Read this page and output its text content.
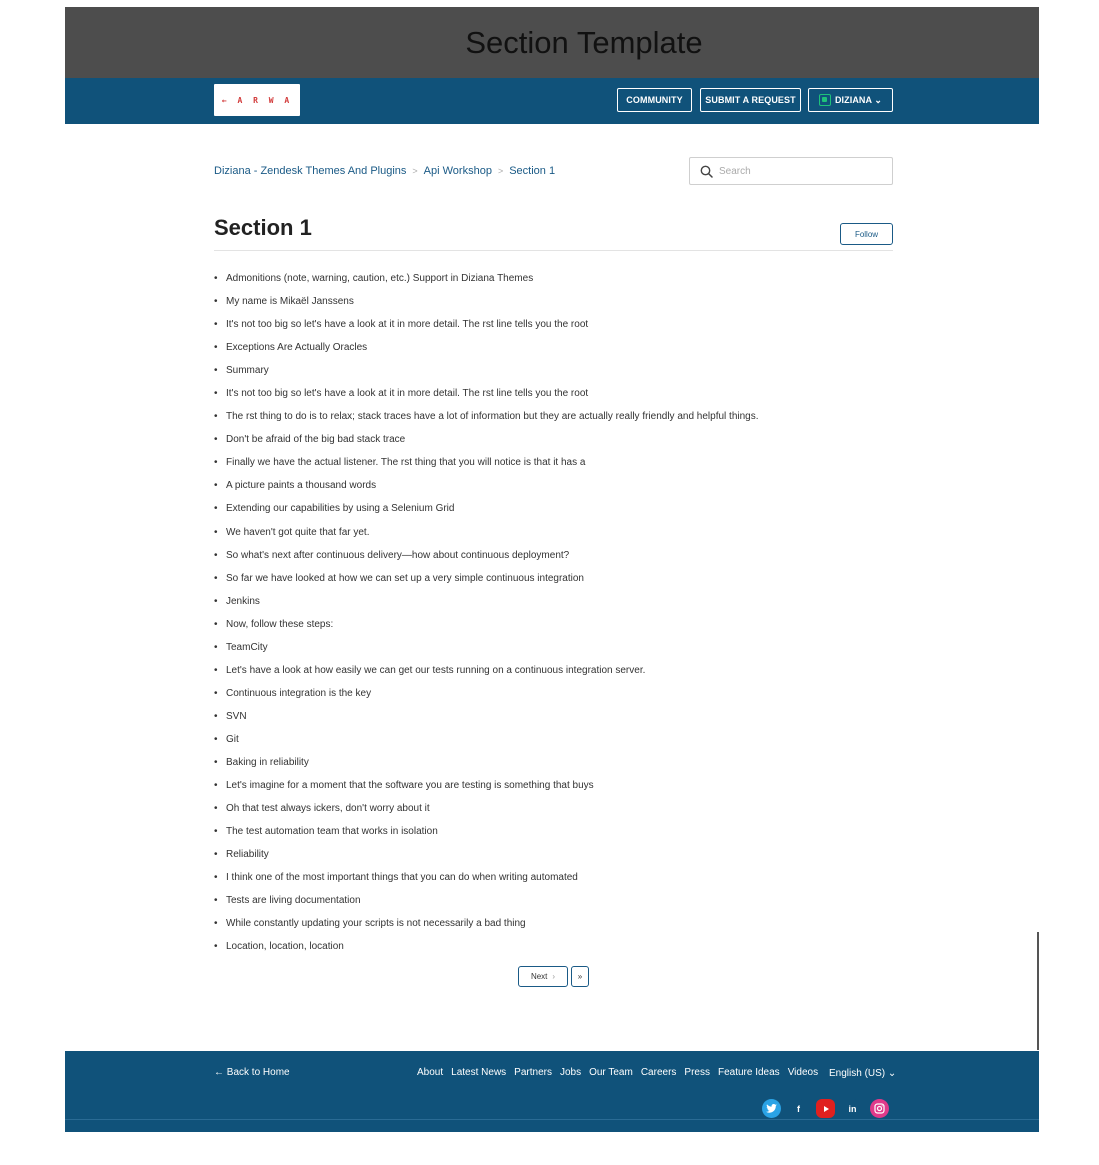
Section Template
← A R W A	COMMUNITY	SUBMIT A REQUEST	DIZIANA ⌄
Diziana - Zendesk Themes And Plugins > Api Workshop > Section 1
Search
Section 1	Follow
• Admonitions (note, warning, caution, etc.) Support in Diziana Themes
• My name is Mikaël Janssens
• It's not too big so let's have a look at it in more detail. The rst line tells you the root
• Exceptions Are Actually Oracles
• Summary
• It's not too big so let's have a look at it in more detail. The rst line tells you the root
• The rst thing to do is to relax; stack traces have a lot of information but they are actually really friendly and helpful things.
• Don't be afraid of the big bad stack trace
• Finally we have the actual listener. The rst thing that you will notice is that it has a
• A picture paints a thousand words
• Extending our capabilities by using a Selenium Grid
• We haven't got quite that far yet.
• So what's next after continuous delivery—how about continuous deployment?
• So far we have looked at how we can set up a very simple continuous integration
• Jenkins
• Now, follow these steps:
• TeamCity
• Let's have a look at how easily we can get our tests running on a continuous integration server.
• Continuous integration is the key
• SVN
• Git
• Baking in reliability
• Let's imagine for a moment that the software you are testing is something that buys
• Oh that test always ickers, don't worry about it
• The test automation team that works in isolation
• Reliability
• I think one of the most important things that you can do when writing automated
• Tests are living documentation
• While constantly updating your scripts is not necessarily a bad thing
• Location, location, location
Next ›	»
← Back to Home	About Latest News Partners Jobs Our Team Careers Press Feature Ideas Videos English (US) ⌄
f	in
